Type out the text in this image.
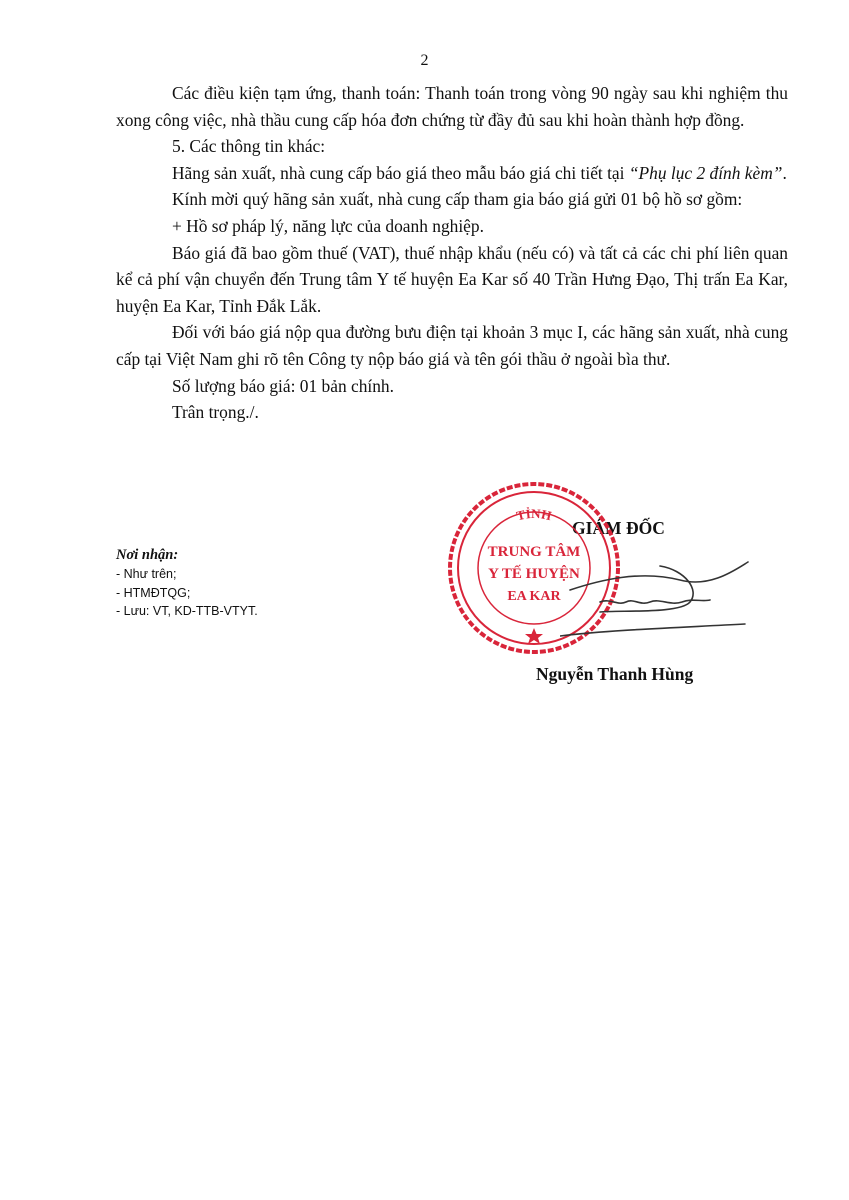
2

Các điều kiện tạm ứng, thanh toán: Thanh toán trong vòng 90 ngày sau khi nghiệm thu xong công việc, nhà thầu cung cấp hóa đơn chứng từ đầy đủ sau khi hoàn thành hợp đồng.

5. Các thông tin khác:

Hãng sản xuất, nhà cung cấp báo giá theo mẫu báo giá chi tiết tại “Phụ lục 2 đính kèm”.

Kính mời quý hãng sản xuất, nhà cung cấp tham gia báo giá gửi 01 bộ hồ sơ gồm:

+ Hồ sơ pháp lý, năng lực của doanh nghiệp.

Báo giá đã bao gồm thuế (VAT), thuế nhập khẩu (nếu có) và tất cả các chi phí liên quan kể cả phí vận chuyển đến Trung tâm Y tế huyện Ea Kar số 40 Trần Hưng Đạo, Thị trấn Ea Kar, huyện Ea Kar, Tỉnh Đắk Lắk.

Đối với báo giá nộp qua đường bưu điện tại khoản 3 mục I, các hãng sản xuất, nhà cung cấp tại Việt Nam ghi rõ tên Công ty nộp báo giá và tên gói thầu ở ngoài bìa thư.

Số lượng báo giá: 01 bản chính.

Trân trọng./.

Nơi nhận:
- Như trên;
- HTMĐTQG;
- Lưu: VT, KD-TTB-VTYT.
GIÁM ĐỐC
TỈNH
TRUNG TÂM
Y TẾ HUYỆN
EA KAR
Nguyễn Thanh Hùng
